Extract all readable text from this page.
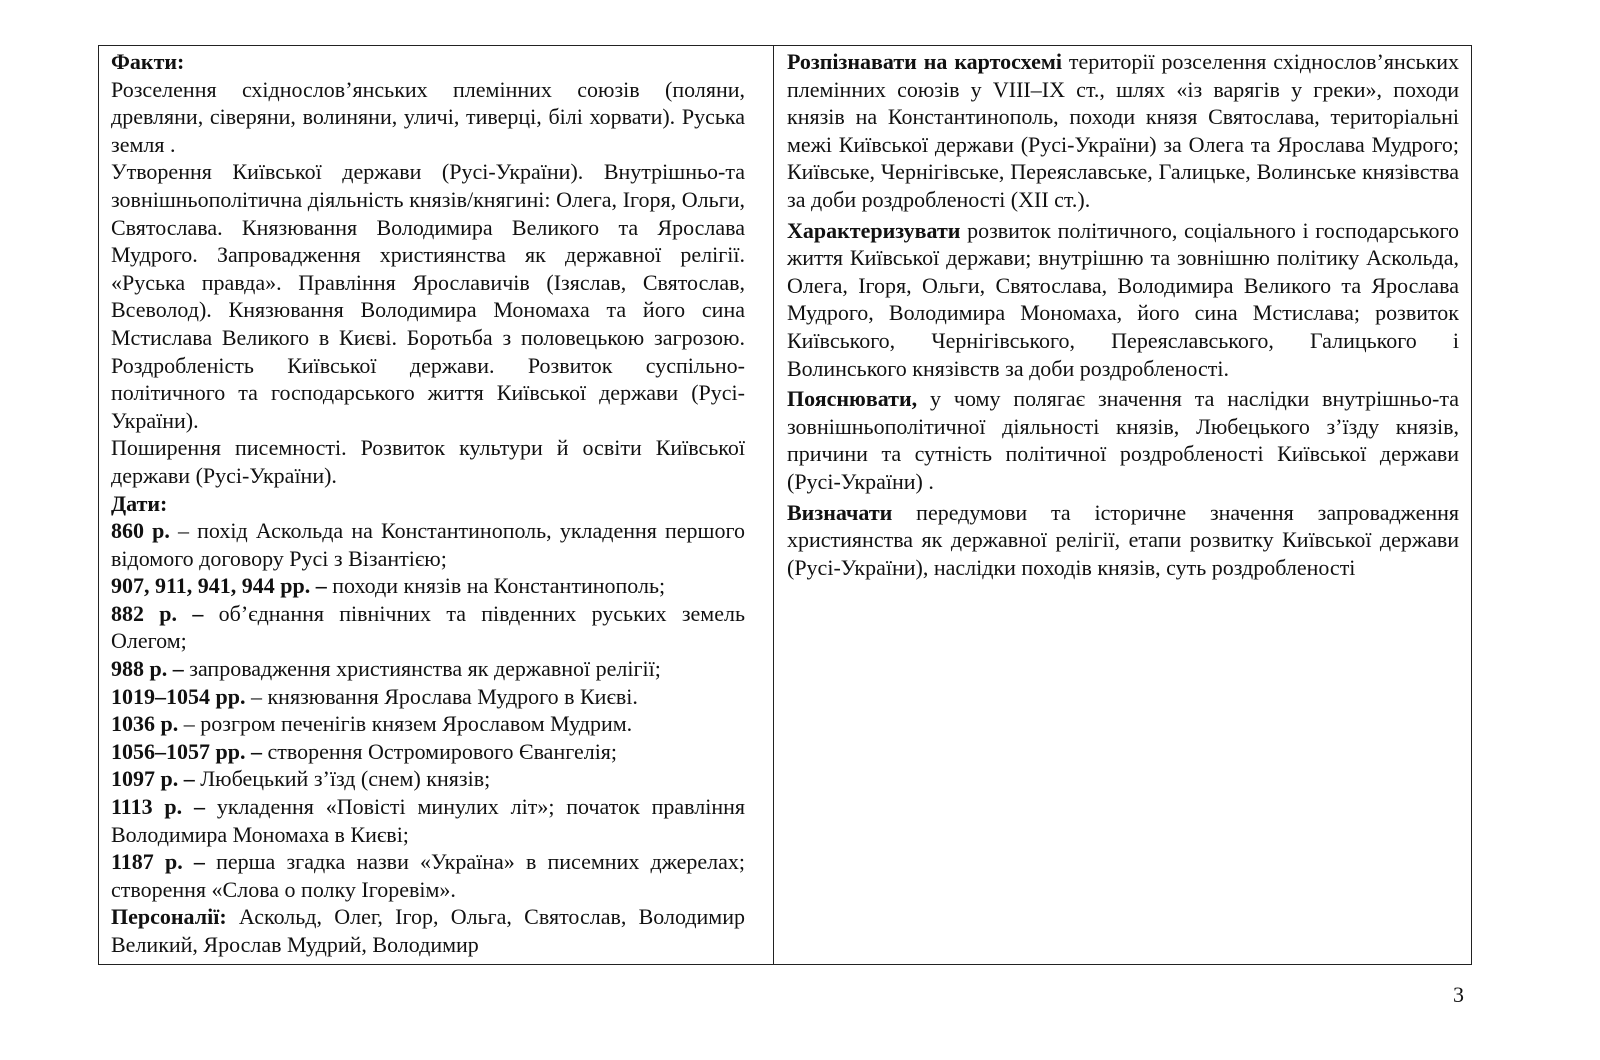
Факти:

Розселення східнослов’янських племінних союзів (поляни, древляни, сіверяни, волиняни, уличі, тиверці, білі хорвати). Руська земля .

Утворення Київської держави (Русі-України). Внутрішньо-та зовнішньополітична діяльність князів/княгині: Олега, Ігоря, Ольги, Святослава. Князювання Володимира Великого та Ярослава Мудрого. Запровадження християнства як державної релігії. «Руська правда». Правління Ярославичів (Ізяслав, Святослав, Всеволод). Князювання Володимира Мономаха та його сина Мстислава Великого в Києві. Боротьба з половецькою загрозою. Роздробленість Київської держави. Розвиток суспільно-політичного та господарського життя Київської держави (Русі-України).

Поширення писемності. Розвиток культури й освіти Київської держави (Русі-України).

Дати:

860 р. – похід Аскольда на Константинополь, укладення першого відомого договору Русі з Візантією;

907, 911, 941, 944 рр. – походи князів на Константинополь;

882 р. – об’єднання північних та південних руських земель Олегом;

988 р. – запровадження християнства як державної релігії;

1019–1054 рр. – князювання Ярослава Мудрого в Києві.

1036 р. – розгром печенігів князем Ярославом Мудрим.

1056–1057 рр. – створення Остромирового Євангелія;

1097 р. – Любецький з’їзд (снем) князів;

1113 р. – укладення «Повісті минулих літ»; початок правління Володимира Мономаха в Києві;

1187 р. – перша згадка назви «Україна» в писемних джерелах; створення «Слова о полку Ігоревім».

Персоналії: Аскольд, Олег, Ігор, Ольга, Святослав, Володимир Великий, Ярослав Мудрий, Володимир

Розпізнавати на картосхемі території розселення східнослов’янських племінних союзів у VIII–IX ст., шлях «із варягів у греки», походи князів на Константинополь, походи князя Святослава, територіальні межі Київської держави (Русі-України) за Олега та Ярослава Мудрого; Київське, Чернігівське, Переяславське, Галицьке, Волинське князівства за доби роздробленості (XII ст.).

Характеризувати розвиток політичного, соціального і господарського життя Київської держави; внутрішню та зовнішню політику Аскольда, Олега, Ігоря, Ольги, Святослава, Володимира Великого та Ярослава Мудрого, Володимира Мономаха, його сина Мстислава; розвиток Київського, Чернігівського, Переяславського, Галицького і Волинського князівств за доби роздробленості.

Пояснювати, у чому полягає значення та наслідки внутрішньо-та зовнішньополітичної діяльності князів, Любецького з’їзду князів, причини та сутність політичної роздробленості Київської держави (Русі-України) .

Визначати передумови та історичне значення запровадження християнства як державної релігії, етапи розвитку Київської держави (Русі-України), наслідки походів князів, суть роздробленості

3
